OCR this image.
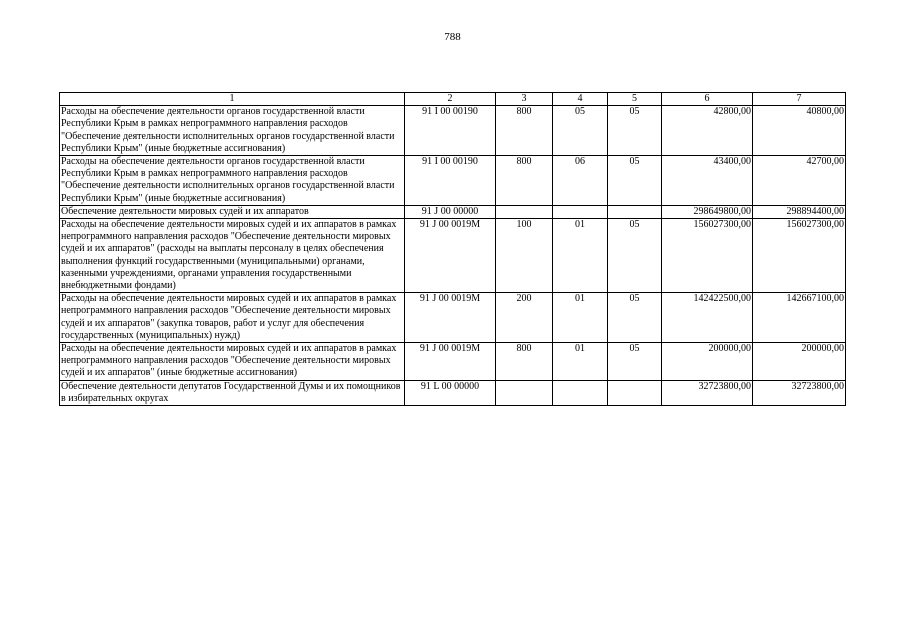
788
1	2	3	4	5	6	7
Расходы на обеспечение деятельности органов государственной власти Республики Крым в рамках непрограммного направления расходов "Обеспечение деятельности исполнительных органов государственной власти Республики Крым" (иные бюджетные ассигнования)	91 I 00 00190	800	05	05	42800,00	40800,00
Расходы на обеспечение деятельности органов государственной власти Республики Крым в рамках непрограммного направления расходов "Обеспечение деятельности исполнительных органов государственной власти Республики Крым" (иные бюджетные ассигнования)	91 I 00 00190	800	06	05	43400,00	42700,00
Обеспечение деятельности мировых судей и их аппаратов	91 J 00 00000				298649800,00	298894400,00
Расходы на обеспечение деятельности мировых судей и их аппаратов в рамках непрограммного направления расходов "Обеспечение деятельности мировых судей и их аппаратов" (расходы на выплаты персоналу в целях обеспечения выполнения функций государственными (муниципальными) органами, казенными учреждениями, органами управления государственными внебюджетными фондами)	91 J 00 0019M	100	01	05	156027300,00	156027300,00
Расходы на обеспечение деятельности мировых судей и их аппаратов в рамках непрограммного направления расходов "Обеспечение деятельности мировых судей и их аппаратов" (закупка товаров, работ и услуг для обеспечения государственных (муниципальных) нужд)	91 J 00 0019M	200	01	05	142422500,00	142667100,00
Расходы на обеспечение деятельности мировых судей и их аппаратов в рамках непрограммного направления расходов "Обеспечение деятельности мировых судей и их аппаратов" (иные бюджетные ассигнования)	91 J 00 0019M	800	01	05	200000,00	200000,00
Обеспечение деятельности депутатов Государственной Думы и их помощников в избирательных округах	91 L 00 00000				32723800,00	32723800,00
